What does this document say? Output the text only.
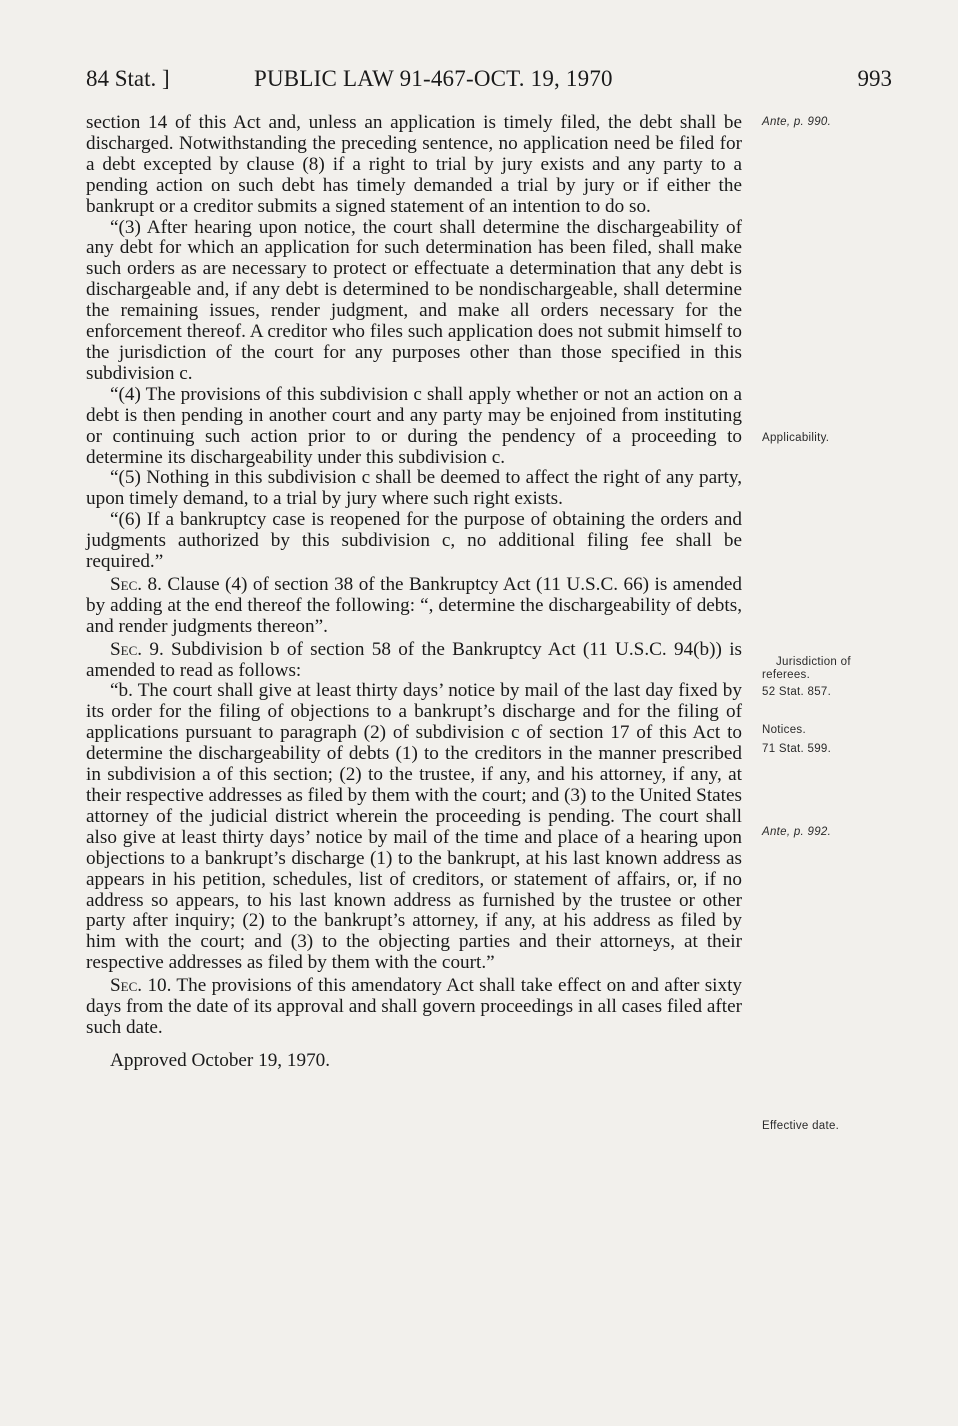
84 Stat. ]	PUBLIC LAW 91-467-OCT. 19, 1970	993

section 14 of this Act and, unless an application is timely filed, the debt shall be discharged. Notwithstanding the preceding sentence, no application need be filed for a debt excepted by clause (8) if a right to trial by jury exists and any party to a pending action on such debt has timely demanded a trial by jury or if either the bankrupt or a creditor submits a signed statement of an intention to do so.

“(3) After hearing upon notice, the court shall determine the dischargeability of any debt for which an application for such determination has been filed, shall make such orders as are necessary to protect or effectuate a determination that any debt is dischargeable and, if any debt is determined to be nondischargeable, shall determine the remaining issues, render judgment, and make all orders necessary for the enforcement thereof. A creditor who files such application does not submit himself to the jurisdiction of the court for any purposes other than those specified in this subdivision c.

“(4) The provisions of this subdivision c shall apply whether or not an action on a debt is then pending in another court and any party may be enjoined from instituting or continuing such action prior to or during the pendency of a proceeding to determine its dischargeability under this subdivision c.

“(5) Nothing in this subdivision c shall be deemed to affect the right of any party, upon timely demand, to a trial by jury where such right exists.

“(6) If a bankruptcy case is reopened for the purpose of obtaining the orders and judgments authorized by this subdivision c, no additional filing fee shall be required.”

Sec. 8. Clause (4) of section 38 of the Bankruptcy Act (11 U.S.C. 66) is amended by adding at the end thereof the following: “, determine the dischargeability of debts, and render judgments thereon”.

Sec. 9. Subdivision b of section 58 of the Bankruptcy Act (11 U.S.C. 94(b)) is amended to read as follows:

“b. The court shall give at least thirty days’ notice by mail of the last day fixed by its order for the filing of objections to a bankrupt’s discharge and for the filing of applications pursuant to paragraph (2) of subdivision c of section 17 of this Act to determine the dischargeability of debts (1) to the creditors in the manner prescribed in subdivision a of this section; (2) to the trustee, if any, and his attorney, if any, at their respective addresses as filed by them with the court; and (3) to the United States attorney of the judicial district wherein the proceeding is pending. The court shall also give at least thirty days’ notice by mail of the time and place of a hearing upon objections to a bankrupt’s discharge (1) to the bankrupt, at his last known address as appears in his petition, schedules, list of creditors, or statement of affairs, or, if no address so appears, to his last known address as furnished by the trustee or other party after inquiry; (2) to the bankrupt’s attorney, if any, at his address as filed by him with the court; and (3) to the objecting parties and their attorneys, at their respective addresses as filed by them with the court.”

Sec. 10. The provisions of this amendatory Act shall take effect on and after sixty days from the date of its approval and shall govern proceedings in all cases filed after such date.

Approved October 19, 1970.

Ante, p. 990.
Applicability.
Jurisdiction of
referees.
52 Stat. 857.
Notices.
71 Stat. 599.
Ante, p. 992.
Effective date.
